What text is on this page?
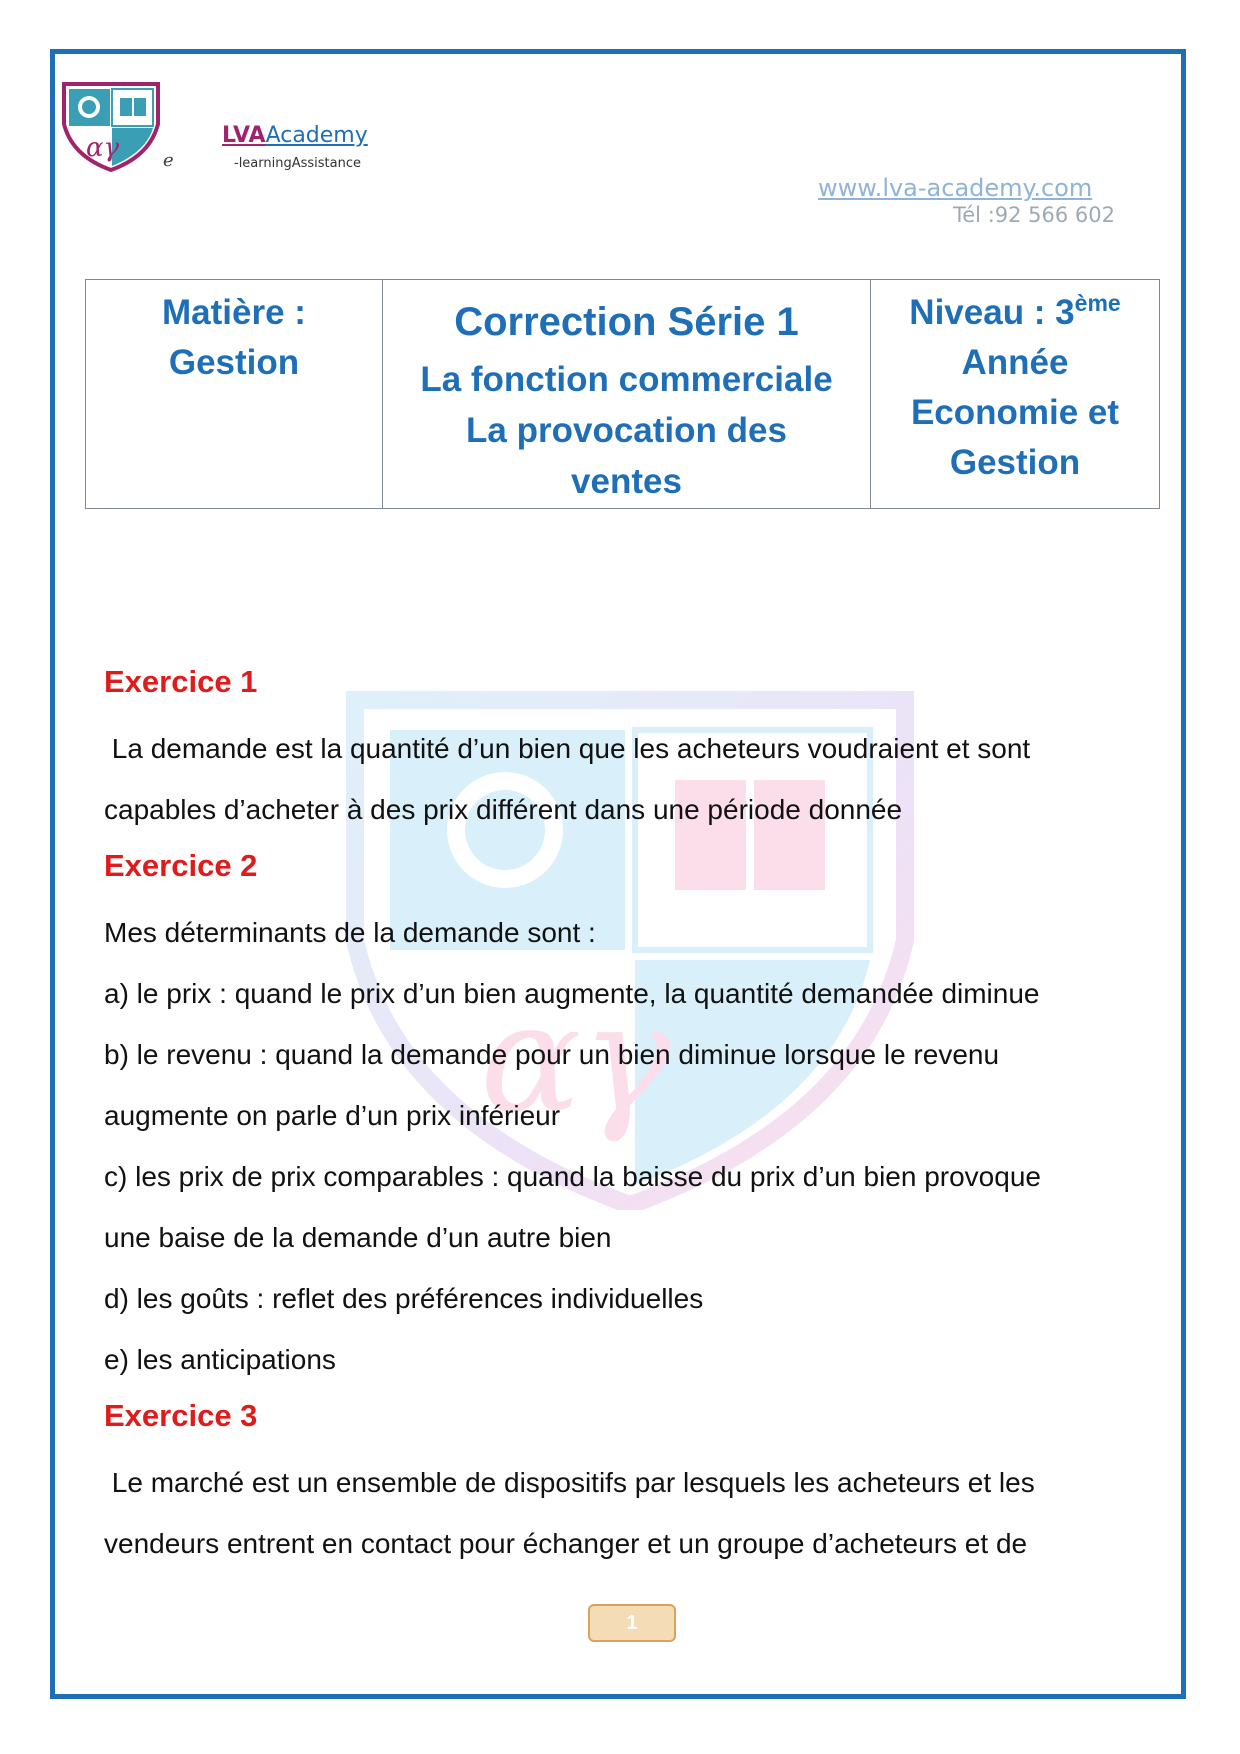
αγ e
LVAAcademy
-learningAssistance
www.lva-academy.com
Tél :92 566 602
Matière :
Gestion

Correction Série 1
La fonction commerciale
La provocation des
ventes

Niveau : 3ème
Année
Economie et
Gestion
αγ

Exercice 1

La demande est la quantité d’un bien que les acheteurs voudraient et sont

capables d’acheter à des prix différent dans une période donnée

Exercice 2

Mes déterminants de la demande sont :

a) le prix : quand le prix d’un bien augmente, la quantité demandée diminue

b) le revenu : quand la demande pour un bien diminue lorsque le revenu

augmente on parle d’un prix inférieur

c) les prix de prix comparables : quand la baisse du prix d’un bien provoque

une baise de la demande d’un autre bien

d) les goûts : reflet des préférences individuelles

e) les anticipations

Exercice 3

Le marché est un ensemble de dispositifs par lesquels les acheteurs et les

vendeurs entrent en contact pour échanger et un groupe d’acheteurs et de

1
